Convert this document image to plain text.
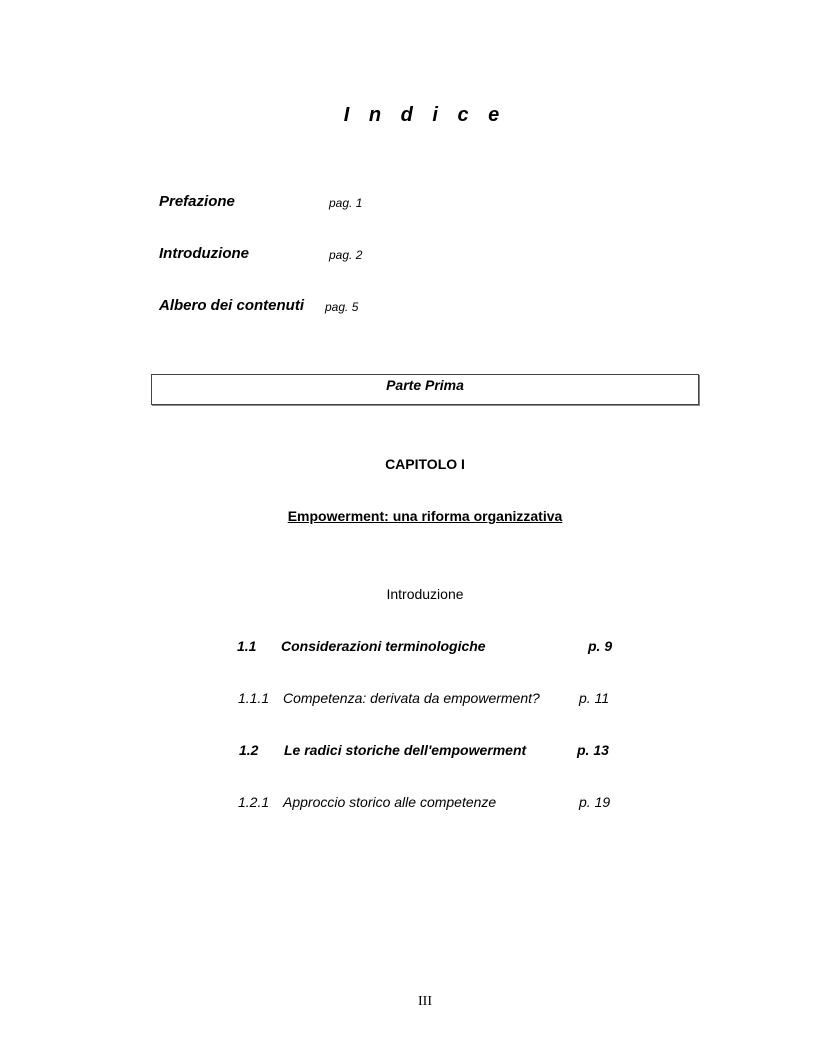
I n d i c e
Prefazione	pag. 1
Introduzione	pag. 2
Albero dei contenuti pag. 5
Parte Prima
CAPITOLO I
Empowerment: una riforma organizzativa
Introduzione
1.1 Considerazioni terminologiche	p. 9
1.1.1 Competenza: derivata da empowerment?	p. 11
1.2 Le radici storiche dell'empowerment	p. 13
1.2.1 Approccio storico alle competenze	p. 19
III
